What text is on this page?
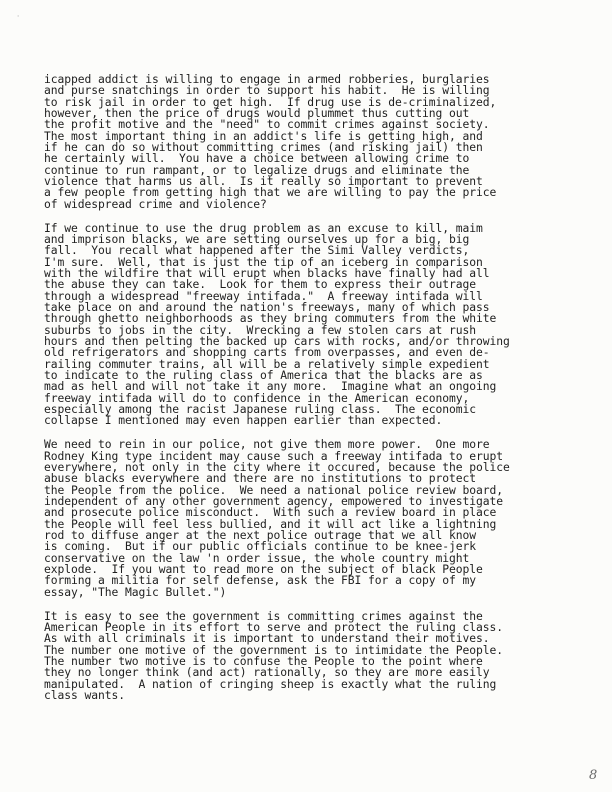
'
icapped addict is willing to engage in armed robberies, burglaries
and purse snatchings in order to support his habit.  He is willing
to risk jail in order to get high.  If drug use is de-criminalized,
however, then the price of drugs would plummet thus cutting out
the profit motive and the "need" to commit crimes against society.
The most important thing in an addict's life is getting high, and
if he can do so without committing crimes (and risking jail) then
he certainly will.  You have a choice between allowing crime to
continue to run rampant, or to legalize drugs and eliminate the
violence that harms us all.  Is it really so important to prevent
a few people from getting high that we are willing to pay the price
of widespread crime and violence?
If we continue to use the drug problem as an excuse to kill, maim
and imprison blacks, we are setting ourselves up for a big, big
fall.  You recall what happened after the Simi Valley verdicts,
I'm sure.  Well, that is just the tip of an iceberg in comparison
with the wildfire that will erupt when blacks have finally had all
the abuse they can take.  Look for them to express their outrage
through a widespread "freeway intifada."  A freeway intifada will
take place on and around the nation's freeways, many of which pass
through ghetto neighborhoods as they bring commuters from the white
suburbs to jobs in the city.  Wrecking a few stolen cars at rush
hours and then pelting the backed up cars with rocks, and/or throwing
old refrigerators and shopping carts from overpasses, and even de-
railing commuter trains, all will be a relatively simple expedient
to indicate to the ruling class of America that the blacks are as
mad as hell and will not take it any more.  Imagine what an ongoing
freeway intifada will do to confidence in the American economy,
especially among the racist Japanese ruling class.  The economic
collapse I mentioned may even happen earlier than expected.
We need to rein in our police, not give them more power.  One more
Rodney King type incident may cause such a freeway intifada to erupt
everywhere, not only in the city where it occured, because the police
abuse blacks everywhere and there are no institutions to protect
the People from the police.  We need a national police review board,
independent of any other government agency, empowered to investigate
and prosecute police misconduct.  With such a review board in place
the People will feel less bullied, and it will act like a lightning
rod to diffuse anger at the next police outrage that we all know
is coming.  But if our public officials continue to be knee-jerk
conservative on the law 'n order issue, the whole country might
explode.  If you want to read more on the subject of black People
forming a militia for self defense, ask the FBI for a copy of my
essay, "The Magic Bullet.")
It is easy to see the government is committing crimes against the
American People in its effort to serve and protect the ruling class.
As with all criminals it is important to understand their motives.
The number one motive of the government is to intimidate the People.
The number two motive is to confuse the People to the point where
they no longer think (and act) rationally, so they are more easily
manipulated.  A nation of cringing sheep is exactly what the ruling
class wants.
8
